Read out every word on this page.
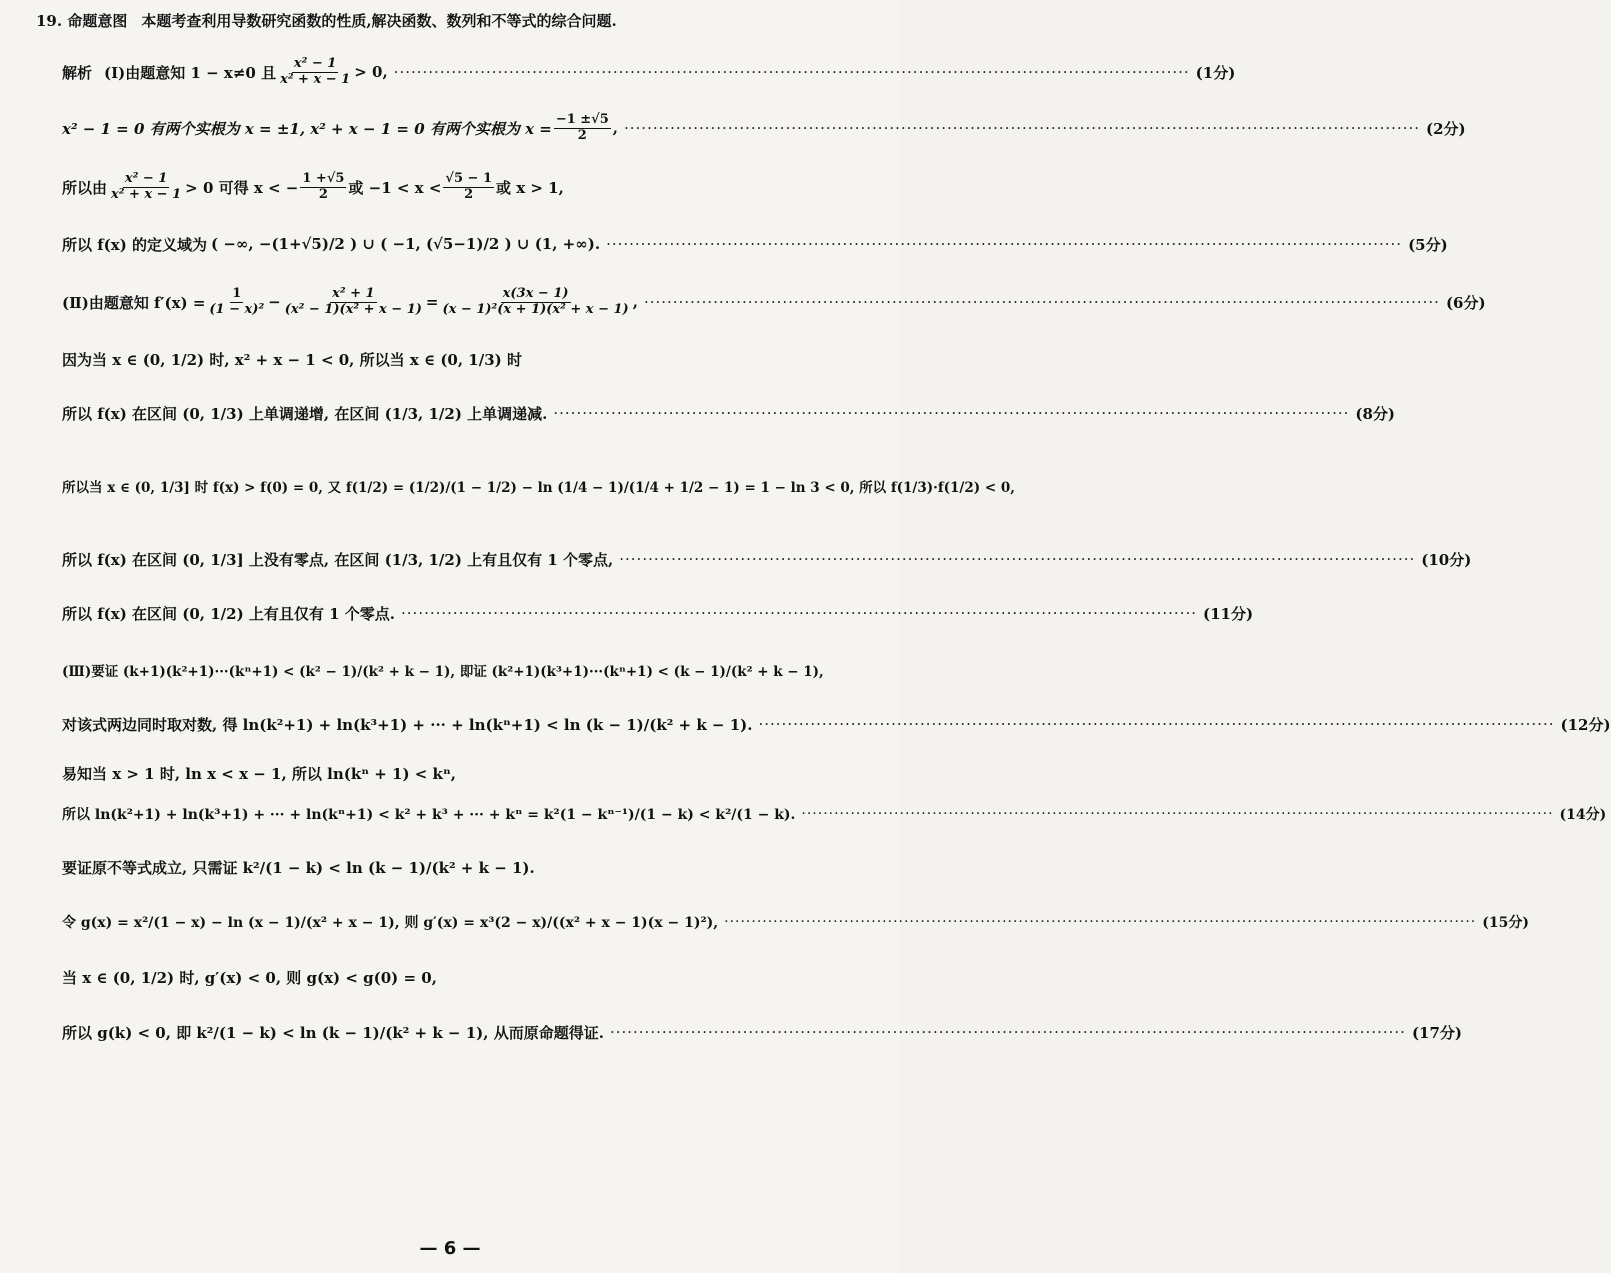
19. 命题意图 本题考查利用导数研究函数的性质,解决函数、数列和不等式的综合问题.
解析 (Ⅰ)由题意知 1 − x≠0 且 $\frac{\text{x² − 1}}{\text{x² + x − 1}} > 0$, ·····	(1分)
x² − 1 = 0 有两个实根为 x = ±1, x² + x − 1 = 0 有两个实根为 $x = \frac{-1 \pm√5}{2}$ , ·····	(2分)
所以由 $\frac{\text{x² − 1}}{\text{x² + x − 1}} > 0$ 可得 x < − $\frac{1 +√5}{2}$ 或 $-1 < x < \frac{√5 - 1}{2}$ 或 x > 1,
所以 f(x) 的定义域为 ( −∞, −(1+√5)/2 ) ∪ ( −1, (√5−1)/2 ) ∪ (1, +∞). ·····	(5分)
(Ⅱ)由题意知 $f'(x) = \frac{1}{\text{(1 − x)²}} - \frac{\text{x² + 1}}{\text{(x² − 1)(x² + x − 1)}} = \frac{x(3x - 1)}{\text{(x − 1)²(x + 1)(x² + x − 1)}}$ , ·····	(6分)
因为当 x ∈ (0, 1/2) 时, x² + x − 1 < 0, 所以当 x ∈ (0, 1/3) 时
所以 f(x) 在区间 (0, 1/3) 上单调递增, 在区间 (1/3, 1/2) 上单调递减. ·····	(8分)
所以当 x ∈ (0, 1/3] 时 f(x) > f(0) = 0, 又 f(1/2) = (1/2)/(1 − 1/2) − ln (1/4 − 1)/(1/4 + 1/2 − 1) = 1 − ln 3 < 0, 所以 f(1/3)·f(1/2) < 0,
所以 f(x) 在区间 (0, 1/3] 上没有零点, 在区间 (1/3, 1/2) 上有且仅有 1 个零点, ·····	(10分)
所以 f(x) 在区间 (0, 1/2) 上有且仅有 1 个零点. ·····	(11分)
(Ⅲ)要证 (k+1)(k²+1)···(kⁿ+1) < (k² − 1)/(k² + k − 1), 即证 (k²+1)(k³+1)···(kⁿ+1) < (k − 1)/(k² + k − 1),
对该式两边同时取对数, 得 ln(k²+1) + ln(k³+1) + ··· + ln(kⁿ+1) < ln (k − 1)/(k² + k − 1). ·····	(12分)
易知当 x > 1 时, ln x < x − 1, 所以 ln(kⁿ + 1) < kⁿ,
所以 ln(k²+1) + ln(k³+1) + ··· + ln(kⁿ+1) < k² + k³ + ··· + kⁿ = k²(1 − kⁿ⁻¹)/(1 − k) < k²/(1 − k). ·····	(14分)
要证原不等式成立, 只需证 k²/(1 − k) < ln (k − 1)/(k² + k − 1).
令 g(x) = x²/(1 − x) − ln (x − 1)/(x² + x − 1), 则 g′(x) = x³(2 − x)/((x² + x − 1)(x − 1)²), ·····	(15分)
当 x ∈ (0, 1/2) 时, g′(x) < 0, 则 g(x) < g(0) = 0,
所以 g(k) < 0, 即 k²/(1 − k) < ln (k − 1)/(k² + k − 1), 从而原命题得证. ·····	(17分)
— 6 —
